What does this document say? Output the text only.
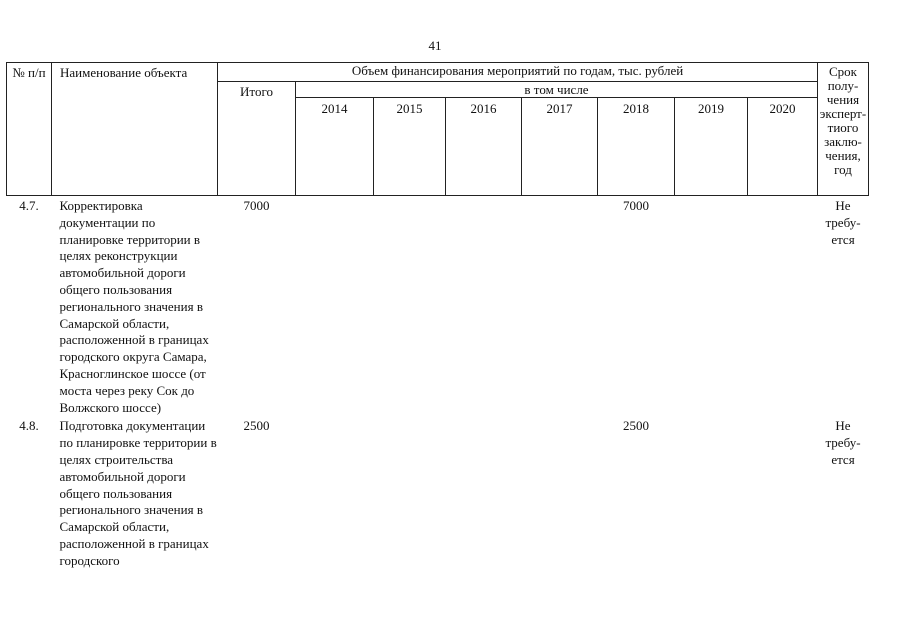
41
№ п/п	Наименование объекта	Объем финансирования мероприятий по годам, тыс. рублей								Срок полу-чения эксперт-тиого заклю-чения, год
		Итого	в том числе							
			2014	2015	2016	2017	2018	2019	2020	
4.7.	Корректировка документации по планировке территории в целях реконструкции автомобильной дороги общего пользования регионального значения в Самарской области, расположенной в границах городского округа Самара, Красноглинское шоссе (от моста через реку Сок до Волжского шоссе)	7000					7000			Не требу-ется
4.8.	Подготовка документации по планировке территории в целях строительства автомобильной дороги общего пользования регионального значения в Самарской области, расположенной в границах городского	2500					2500			Не требу-ется
